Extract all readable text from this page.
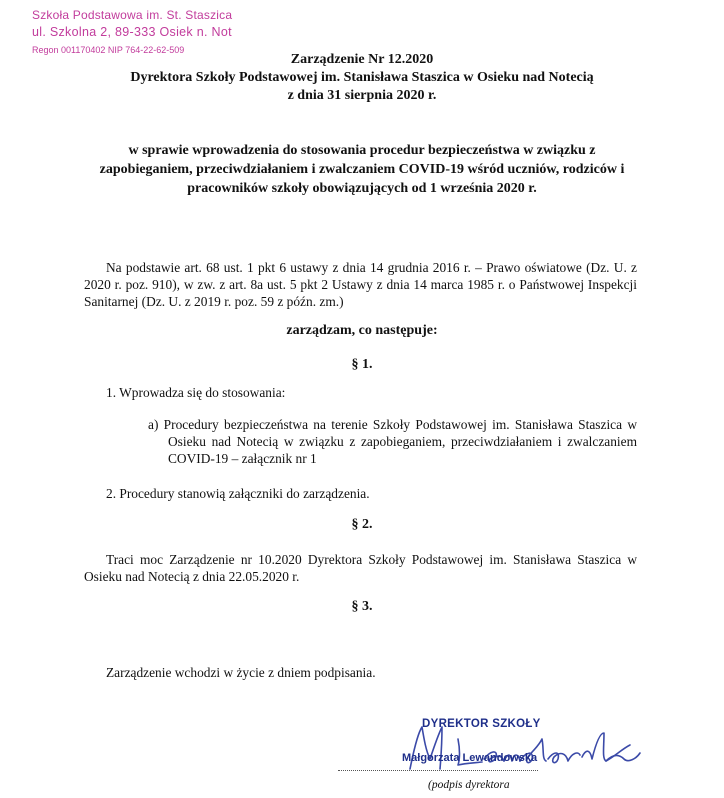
Szkoła Podstawowa im. St. Staszica
ul. Szkolna 2, 89-333 Osiek n. Not
Regon 001170402 NIP 764-22-62-509
Zarządzenie Nr 12.2020
Dyrektora Szkoły Podstawowej im. Stanisława Staszica w Osieku nad Notecią
z dnia 31 sierpnia 2020 r.
w sprawie wprowadzenia do stosowania procedur bezpieczeństwa w związku z
zapobieganiem, przeciwdziałaniem i zwalczaniem COVID-19 wśród uczniów, rodziców i
pracowników szkoły obowiązujących od 1 września 2020 r.
Na podstawie art. 68 ust. 1 pkt 6 ustawy z dnia 14 grudnia 2016 r. – Prawo oświatowe (Dz. U. z 2020 r. poz. 910), w zw. z art. 8a ust. 5 pkt 2 Ustawy z dnia 14 marca 1985 r. o Państwowej Inspekcji Sanitarnej (Dz. U. z 2019 r. poz. 59 z późn. zm.)
zarządzam, co następuje:
§ 1.
1. Wprowadza się do stosowania:
a) Procedury bezpieczeństwa na terenie Szkoły Podstawowej im. Stanisława Staszica w Osieku nad Notecią w związku z zapobieganiem, przeciwdziałaniem i zwalczaniem COVID-19 – załącznik nr 1
2. Procedury stanowią załączniki do zarządzenia.
§ 2.
Traci moc Zarządzenie nr 10.2020 Dyrektora Szkoły Podstawowej im. Stanisława Staszica w Osieku nad Notecią z dnia 22.05.2020 r.
§ 3.
Zarządzenie wchodzi w życie z dniem podpisania.
DYREKTOR SZKOŁY
Małgorzata Lewandowska
(podpis dyrektora
